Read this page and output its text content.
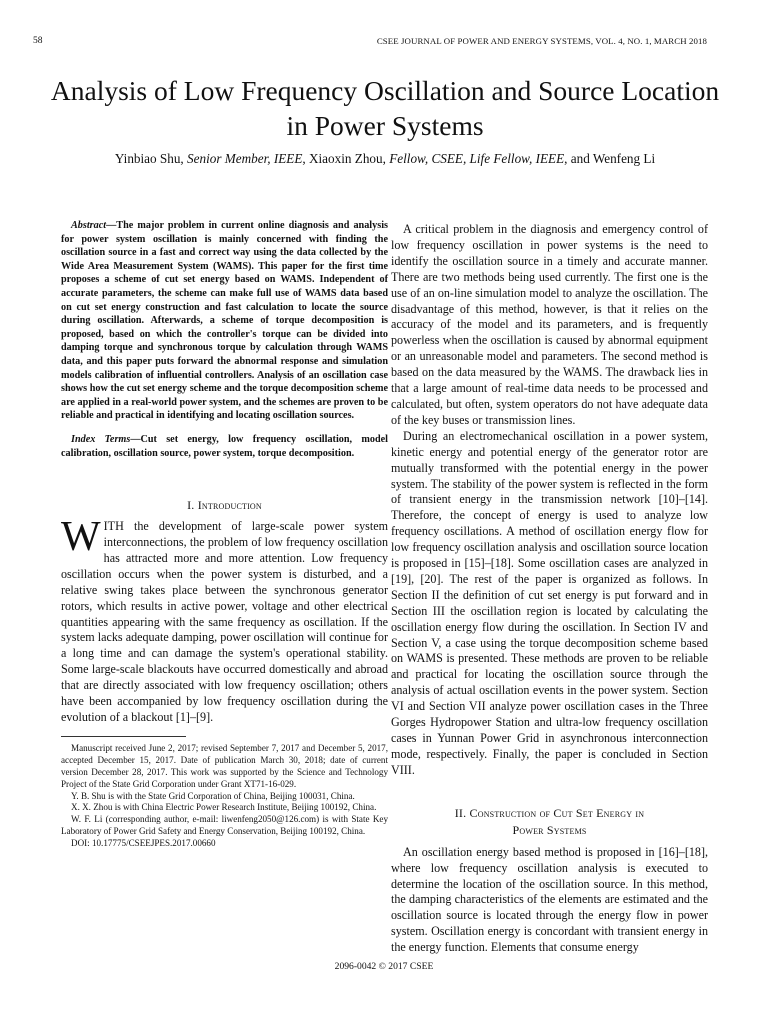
58	CSEE JOURNAL OF POWER AND ENERGY SYSTEMS, VOL. 4, NO. 1, MARCH 2018
Analysis of Low Frequency Oscillation and Source Location in Power Systems
Yinbiao Shu, Senior Member, IEEE, Xiaoxin Zhou, Fellow, CSEE, Life Fellow, IEEE, and Wenfeng Li

Abstract—The major problem in current online diagnosis and analysis for power system oscillation is mainly concerned with finding the oscillation source in a fast and correct way using the data collected by the Wide Area Measurement System (WAMS). This paper for the first time proposes a scheme of cut set energy based on WAMS. Independent of accurate parameters, the scheme can make full use of WAMS data based on cut set energy construction and fast calculation to locate the source during oscillation. Afterwards, a scheme of torque decomposition is proposed, based on which the controller's torque can be divided into damping torque and synchronous torque by calculation through WAMS data, and this paper puts forward the abnormal response and simulation models calibration of influential controllers. Analysis of an oscillation case shows how the cut set energy scheme and the torque decomposition scheme are applied in a real-world power system, and the schemes are proven to be reliable and practical in identifying and locating oscillation sources.

Index Terms—Cut set energy, low frequency oscillation, model calibration, oscillation source, power system, torque decomposition.

I. Introduction

WITH the development of large-scale power system interconnections, the problem of low frequency oscillation has attracted more and more attention. Low frequency oscillation occurs when the power system is disturbed, and a relative swing takes place between the synchronous generator rotors, which results in active power, voltage and other electrical quantities appearing with the same frequency as oscillation. If the system lacks adequate damping, power oscillation will continue for a long time and can damage the system's operational stability. Some large-scale blackouts have occurred domestically and abroad that are directly associated with low frequency oscillation; others have been accompanied by low frequency oscillation during the evolution of a blackout [1]–[9].

Manuscript received June 2, 2017; revised September 7, 2017 and December 5, 2017, accepted December 15, 2017. Date of publication March 30, 2018; date of current version December 28, 2017. This work was supported by the Science and Technology Project of the State Grid Corporation under Grant XT71-16-029.

Y. B. Shu is with the State Grid Corporation of China, Beijing 100031, China.

X. X. Zhou is with China Electric Power Research Institute, Beijing 100192, China.

W. F. Li (corresponding author, e-mail: liwenfeng2050@126.com) is with State Key Laboratory of Power Grid Safety and Energy Conservation, Beijing 100192, China.

DOI: 10.17775/CSEEJPES.2017.00660

A critical problem in the diagnosis and emergency control of low frequency oscillation in power systems is the need to identify the oscillation source in a timely and accurate manner. There are two methods being used currently. The first one is the use of an on-line simulation model to analyze the oscillation. The disadvantage of this method, however, is that it relies on the accuracy of the model and its parameters, and is frequently powerless when the oscillation is caused by abnormal equipment or an unreasonable model and parameters. The second method is based on the data measured by the WAMS. The drawback lies in that a large amount of real-time data needs to be processed and calculated, but often, system operators do not have adequate data of the key buses or transmission lines.

During an electromechanical oscillation in a power system, kinetic energy and potential energy of the generator rotor are mutually transformed with the potential energy in the power system. The stability of the power system is reflected in the form of transient energy in the transmission network [10]–[14]. Therefore, the concept of energy is used to analyze low frequency oscillations. A method of oscillation energy flow for low frequency oscillation analysis and oscillation source location is proposed in [15]–[18]. Some oscillation cases are analyzed in [19], [20]. The rest of the paper is organized as follows. In Section II the definition of cut set energy is put forward and in Section III the oscillation region is located by calculating the oscillation energy flow during the oscillation. In Section IV and Section V, a case using the torque decomposition scheme based on WAMS is presented. These methods are proven to be reliable and practical for locating the oscillation source through the analysis of actual oscillation events in the power system. Section VI and Section VII analyze power oscillation cases in the Three Gorges Hydropower Station and ultra-low frequency oscillation cases in Yunnan Power Grid in asynchronous interconnection mode, respectively. Finally, the paper is concluded in Section VIII.

II. Construction of Cut Set Energy in
Power Systems

An oscillation energy based method is proposed in [16]–[18], where low frequency oscillation analysis is executed to determine the location of the oscillation source. In this method, the damping characteristics of the elements are estimated and the oscillation source is located through the energy flow in power system. Oscillation energy is concordant with transient energy in the energy function. Elements that consume energy

2096-0042 © 2017 CSEE
